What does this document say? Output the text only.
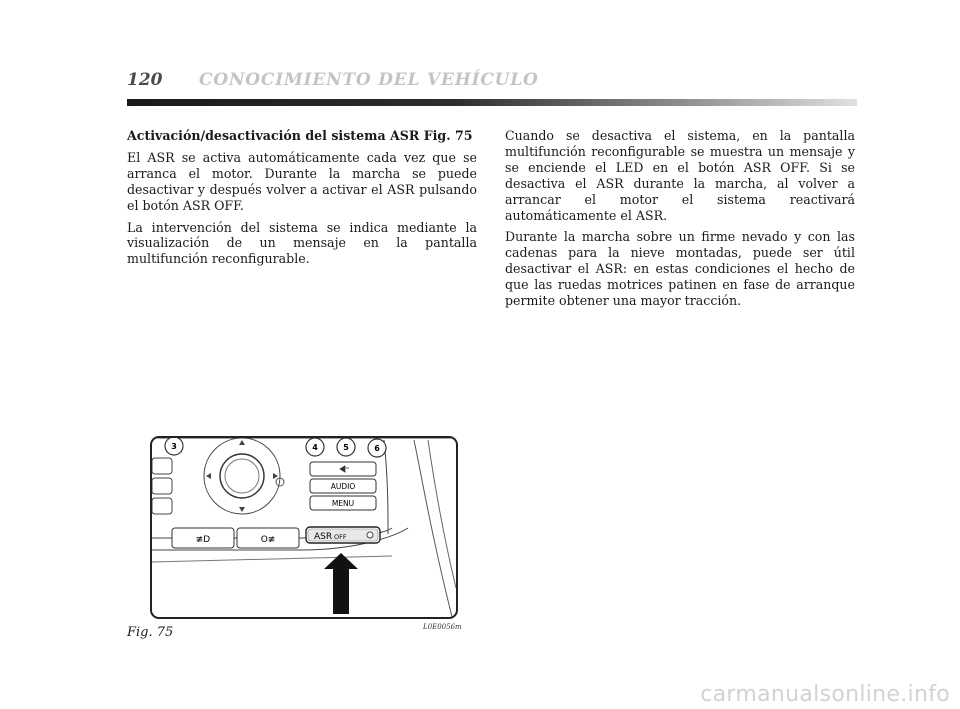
120 CONOCIMIENTO DEL VEHÍCULO

Activación/desactivación del sistema ASR Fig. 75

El ASR se activa automáticamente cada vez que se arranca el motor. Durante la marcha se puede desactivar y después volver a activar el ASR pulsando el botón ASR OFF.

La intervención del sistema se indica mediante la visualización de un mensaje en la pantalla multifunción reconfigurable.

Cuando se desactiva el sistema, en la pantalla multifunción reconfigurable se muestra un mensaje y se enciende el LED en el botón ASR OFF. Si se desactiva el ASR durante la marcha, al volver a arrancar el motor el sistema reactivará automáticamente el ASR.

Durante la marcha sobre un firme nevado y con las cadenas para la nieve montadas, puede ser útil desactivar el ASR: en estas condiciones el hecho de que las ruedas motrices patinen en fase de arranque permite obtener una mayor tracción.

3	4	5	6
AUDIO
MENU
≢D	O≢	ASR OFF
Fig. 75	L0E0056m
carmanualsonline.info
